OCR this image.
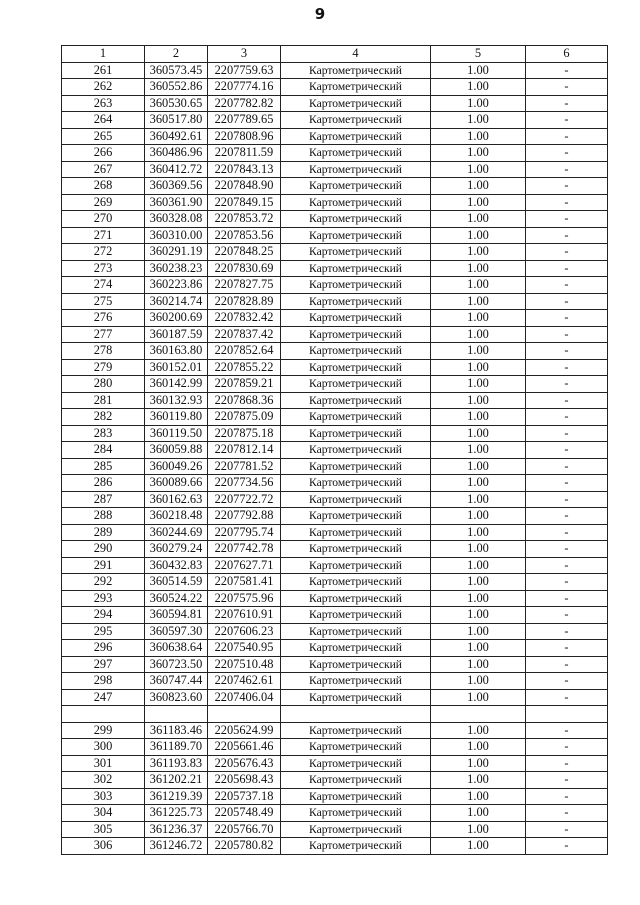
9
1	2	3	4	5	6
261	360573.45	2207759.63	Картометрический	1.00	-
262	360552.86	2207774.16	Картометрический	1.00	-
263	360530.65	2207782.82	Картометрический	1.00	-
264	360517.80	2207789.65	Картометрический	1.00	-
265	360492.61	2207808.96	Картометрический	1.00	-
266	360486.96	2207811.59	Картометрический	1.00	-
267	360412.72	2207843.13	Картометрический	1.00	-
268	360369.56	2207848.90	Картометрический	1.00	-
269	360361.90	2207849.15	Картометрический	1.00	-
270	360328.08	2207853.72	Картометрический	1.00	-
271	360310.00	2207853.56	Картометрический	1.00	-
272	360291.19	2207848.25	Картометрический	1.00	-
273	360238.23	2207830.69	Картометрический	1.00	-
274	360223.86	2207827.75	Картометрический	1.00	-
275	360214.74	2207828.89	Картометрический	1.00	-
276	360200.69	2207832.42	Картометрический	1.00	-
277	360187.59	2207837.42	Картометрический	1.00	-
278	360163.80	2207852.64	Картометрический	1.00	-
279	360152.01	2207855.22	Картометрический	1.00	-
280	360142.99	2207859.21	Картометрический	1.00	-
281	360132.93	2207868.36	Картометрический	1.00	-
282	360119.80	2207875.09	Картометрический	1.00	-
283	360119.50	2207875.18	Картометрический	1.00	-
284	360059.88	2207812.14	Картометрический	1.00	-
285	360049.26	2207781.52	Картометрический	1.00	-
286	360089.66	2207734.56	Картометрический	1.00	-
287	360162.63	2207722.72	Картометрический	1.00	-
288	360218.48	2207792.88	Картометрический	1.00	-
289	360244.69	2207795.74	Картометрический	1.00	-
290	360279.24	2207742.78	Картометрический	1.00	-
291	360432.83	2207627.71	Картометрический	1.00	-
292	360514.59	2207581.41	Картометрический	1.00	-
293	360524.22	2207575.96	Картометрический	1.00	-
294	360594.81	2207610.91	Картометрический	1.00	-
295	360597.30	2207606.23	Картометрический	1.00	-
296	360638.64	2207540.95	Картометрический	1.00	-
297	360723.50	2207510.48	Картометрический	1.00	-
298	360747.44	2207462.61	Картометрический	1.00	-
247	360823.60	2207406.04	Картометрический	1.00	-

299	361183.46	2205624.99	Картометрический	1.00	-
300	361189.70	2205661.46	Картометрический	1.00	-
301	361193.83	2205676.43	Картометрический	1.00	-
302	361202.21	2205698.43	Картометрический	1.00	-
303	361219.39	2205737.18	Картометрический	1.00	-
304	361225.73	2205748.49	Картометрический	1.00	-
305	361236.37	2205766.70	Картометрический	1.00	-
306	361246.72	2205780.82	Картометрический	1.00	-
